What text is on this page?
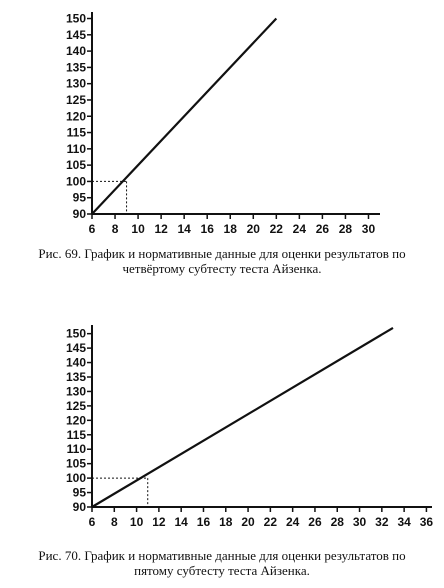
90
95
100
105
110
115
120
125
130
135
140
145
150
6 8 10 12 14 16 18 20 22 24 26 28 30
Рис. 69. График и нормативные данные для оценки результатов по
четвёртому субтесту теста Айзенка.
90
95
100
105
110
115
120
125
130
135
140
145
150
6 8 10 12 14 16 18 20 22 24 26 28 30 32 34 36
Рис. 70. График и нормативные данные для оценки результатов по
пятому субтесту теста Айзенка.
